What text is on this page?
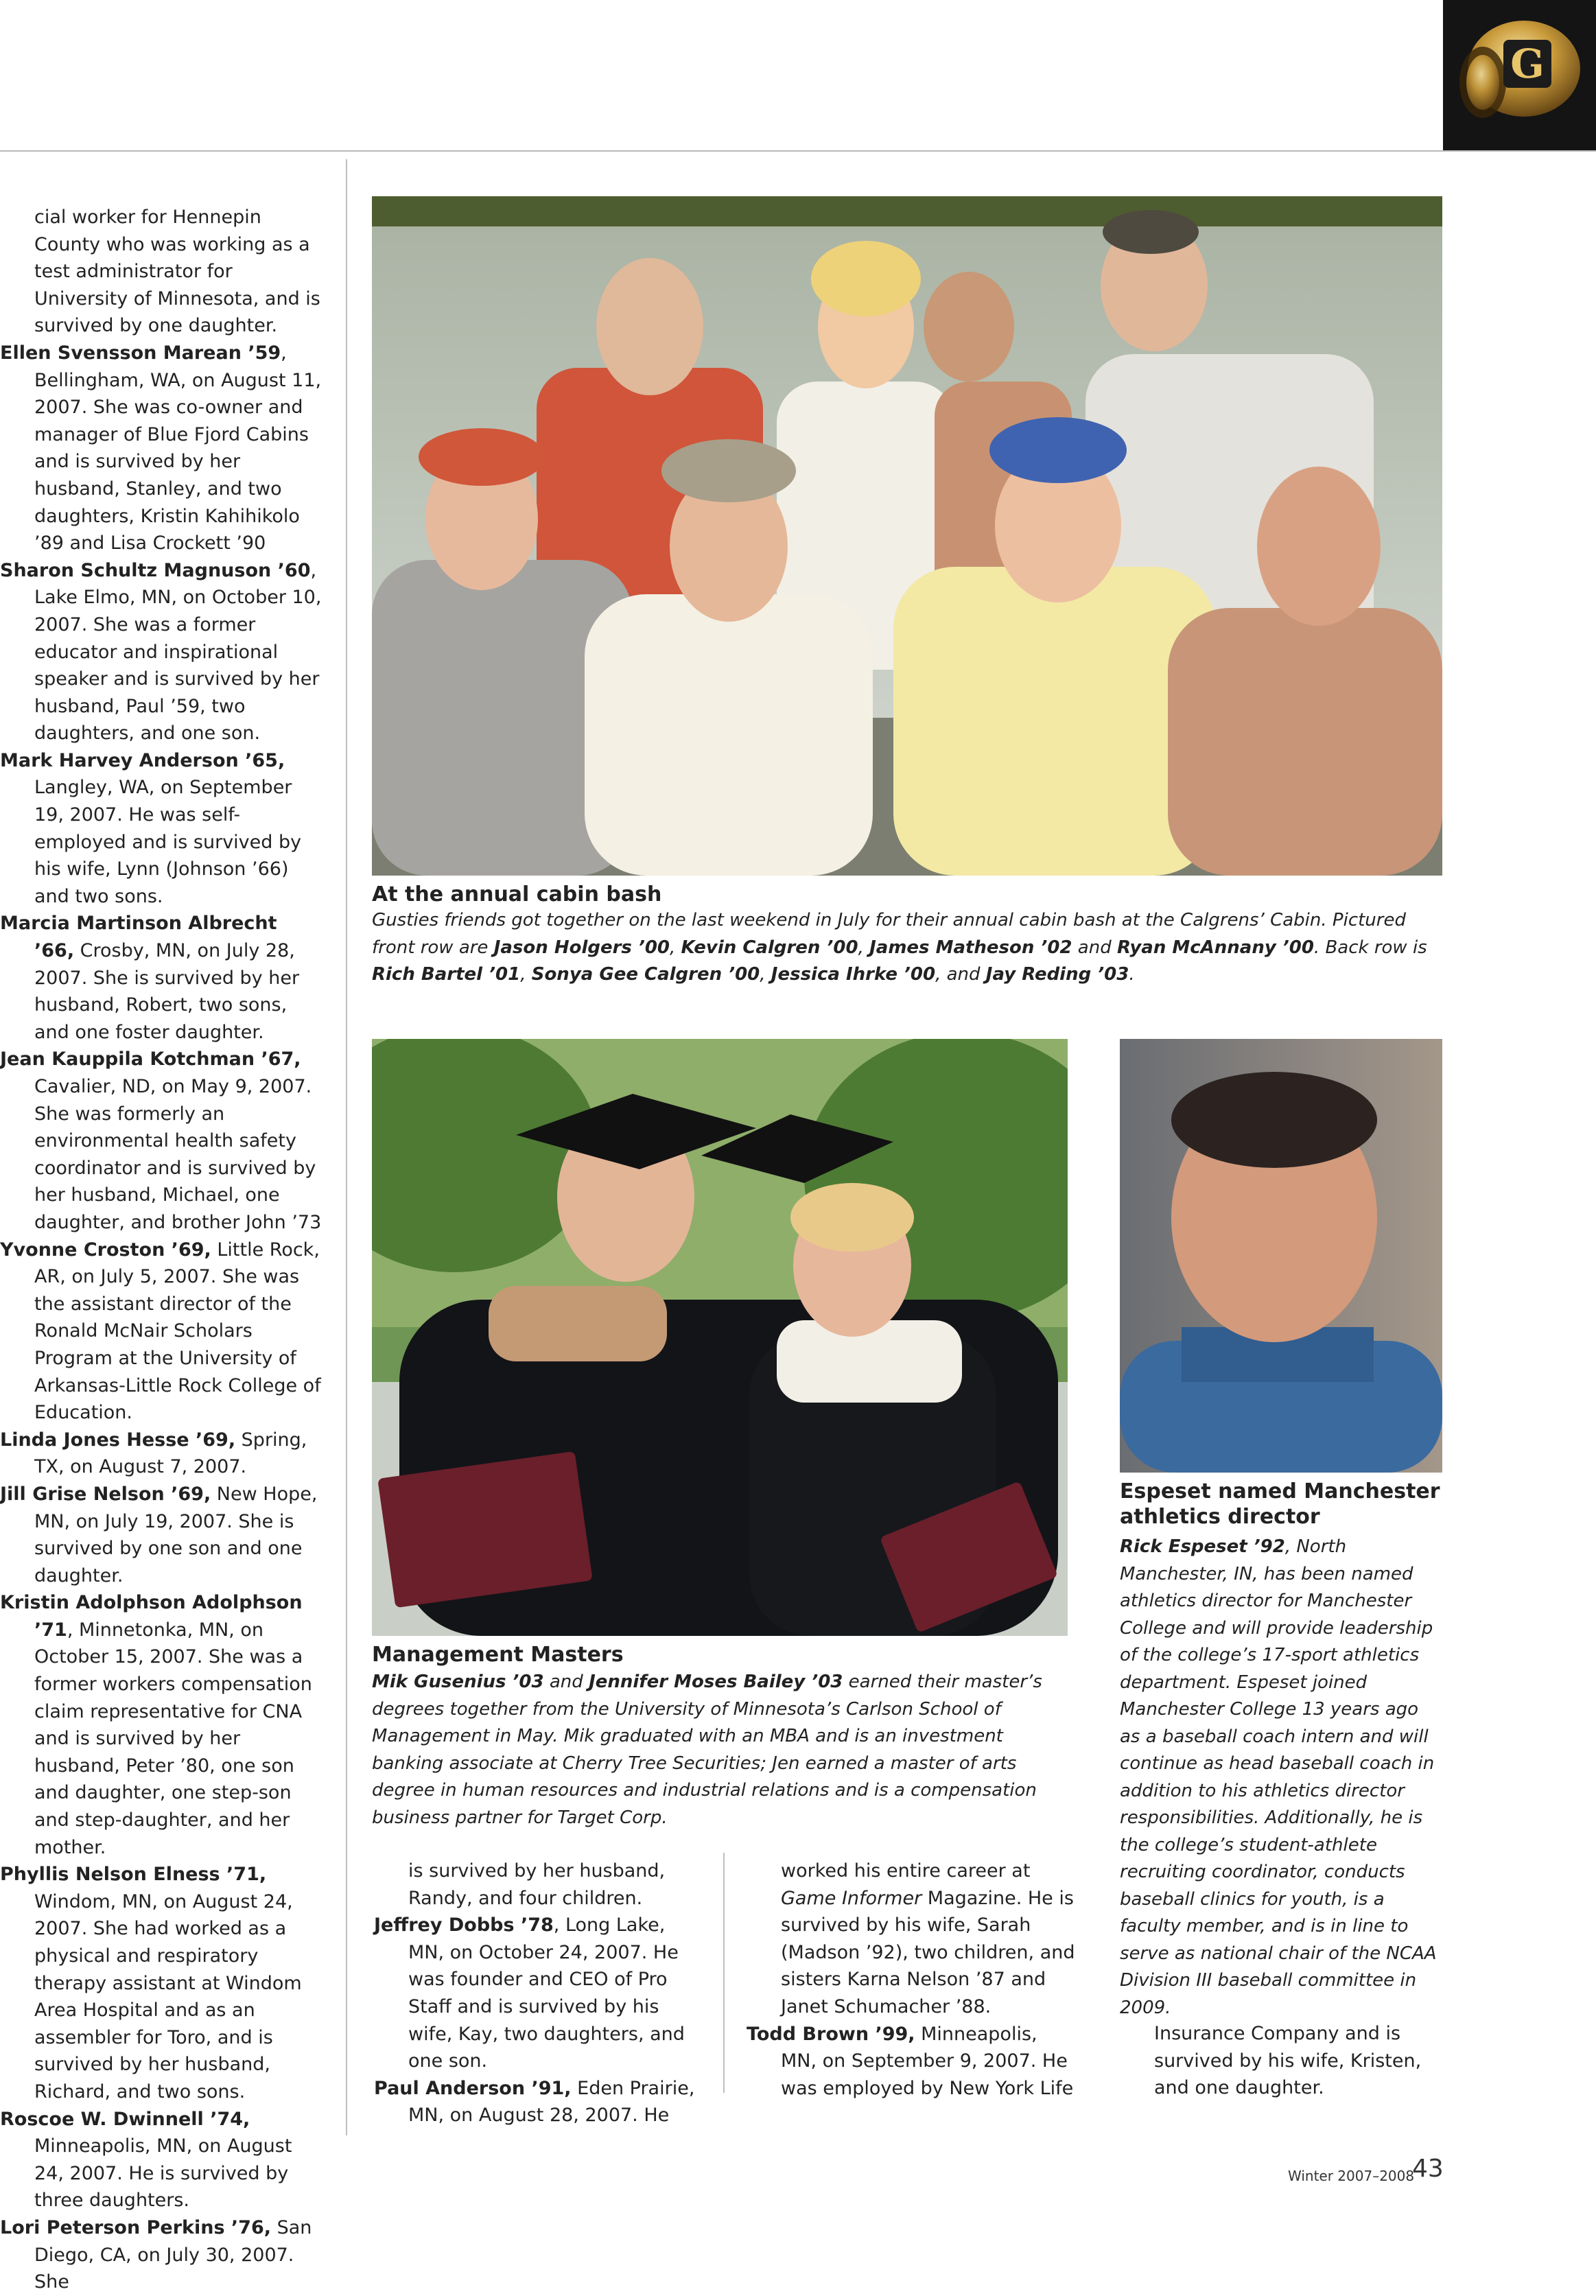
G

cial worker for Hennepin County who was working as a test administrator for University of Minnesota, and is survived by one daughter.

Ellen Svensson Marean ’59, Bellingham, WA, on August 11, 2007. She was co-owner and manager of Blue Fjord Cabins and is survived by her husband, Stanley, and two daughters, Kristin Kahihikolo ’89 and Lisa Crockett ’90

Sharon Schultz Magnuson ’60, Lake Elmo, MN, on October 10, 2007. She was a former educator and inspirational speaker and is survived by her husband, Paul ’59, two daughters, and one son.

Mark Harvey Anderson ’65, Langley, WA, on September 19, 2007. He was self-employed and is survived by his wife, Lynn (Johnson ’66) and two sons.

Marcia Martinson Albrecht ’66, Crosby, MN, on July 28, 2007. She is survived by her husband, Robert, two sons, and one foster daughter.

Jean Kauppila Kotchman ’67, Cavalier, ND, on May 9, 2007. She was formerly an environmental health safety coordinator and is survived by her husband, Michael, one daughter, and brother John ’73

Yvonne Croston ’69, Little Rock, AR, on July 5, 2007. She was the assistant director of the Ronald McNair Scholars Program at the University of Arkansas-Little Rock College of Education.

Linda Jones Hesse ’69, Spring, TX, on August 7, 2007.

Jill Grise Nelson ’69, New Hope, MN, on July 19, 2007. She is survived by one son and one daughter.

Kristin Adolphson Adolphson ’71, Minnetonka, MN, on October 15, 2007. She was a former workers compensation claim representative for CNA and is survived by her husband, Peter ’80, one son and daughter, one step-son and step-daughter, and her mother.

Phyllis Nelson Elness ’71, Windom, MN, on August 24, 2007. She had worked as a physical and respiratory therapy assistant at Windom Area Hospital and as an assembler for Toro, and is survived by her husband, Richard, and two sons.

Roscoe W. Dwinnell ’74, Minneapolis, MN, on August 24, 2007. He is survived by three daughters.

Lori Peterson Perkins ’76, San Diego, CA, on July 30, 2007. She

At the annual cabin bash
Gusties friends got together on the last weekend in July for their annual cabin bash at the Calgrens’ Cabin. Pictured front row are Jason Holgers ’00, Kevin Calgren ’00, James Matheson ’02 and Ryan McAnnany ’00. Back row is Rich Bartel ’01, Sonya Gee Calgren ’00, Jessica Ihrke ’00, and Jay Reding ’03.
Management Masters
Mik Gusenius ’03 and Jennifer Moses Bailey ’03 earned their master’s degrees together from the University of Minnesota’s Carlson School of Management in May. Mik graduated with an MBA and is an investment banking associate at Cherry Tree Securities; Jen earned a master of arts degree in human resources and industrial relations and is a compensation business partner for Target Corp.
Espeset named Manchester athletics director
Rick Espeset ’92, North Manchester, IN, has been named athletics director for Manchester College and will provide leadership of the college’s 17-sport athletics department. Espeset joined Manchester College 13 years ago as a baseball coach intern and will continue as head baseball coach in addition to his athletics director responsibilities. Additionally, he is the college’s student-athlete recruiting coordinator, conducts baseball clinics for youth, is a faculty member, and is in line to serve as national chair of the NCAA Division III baseball committee in 2009.

is survived by her husband, Randy, and four children.

Jeffrey Dobbs ’78, Long Lake, MN, on October 24, 2007. He was founder and CEO of Pro Staff and is survived by his wife, Kay, two daughters, and one son.

Paul Anderson ’91, Eden Prairie, MN, on August 28, 2007. He

worked his entire career at Game Informer Magazine. He is survived by his wife, Sarah (Madson ’92), two children, and sisters Karna Nelson ’87 and Janet Schumacher ’88.

Todd Brown ’99, Minneapolis, MN, on September 9, 2007. He was employed by New York Life

Insurance Company and is survived by his wife, Kristen, and one daughter.

Winter 2007–2008
43
